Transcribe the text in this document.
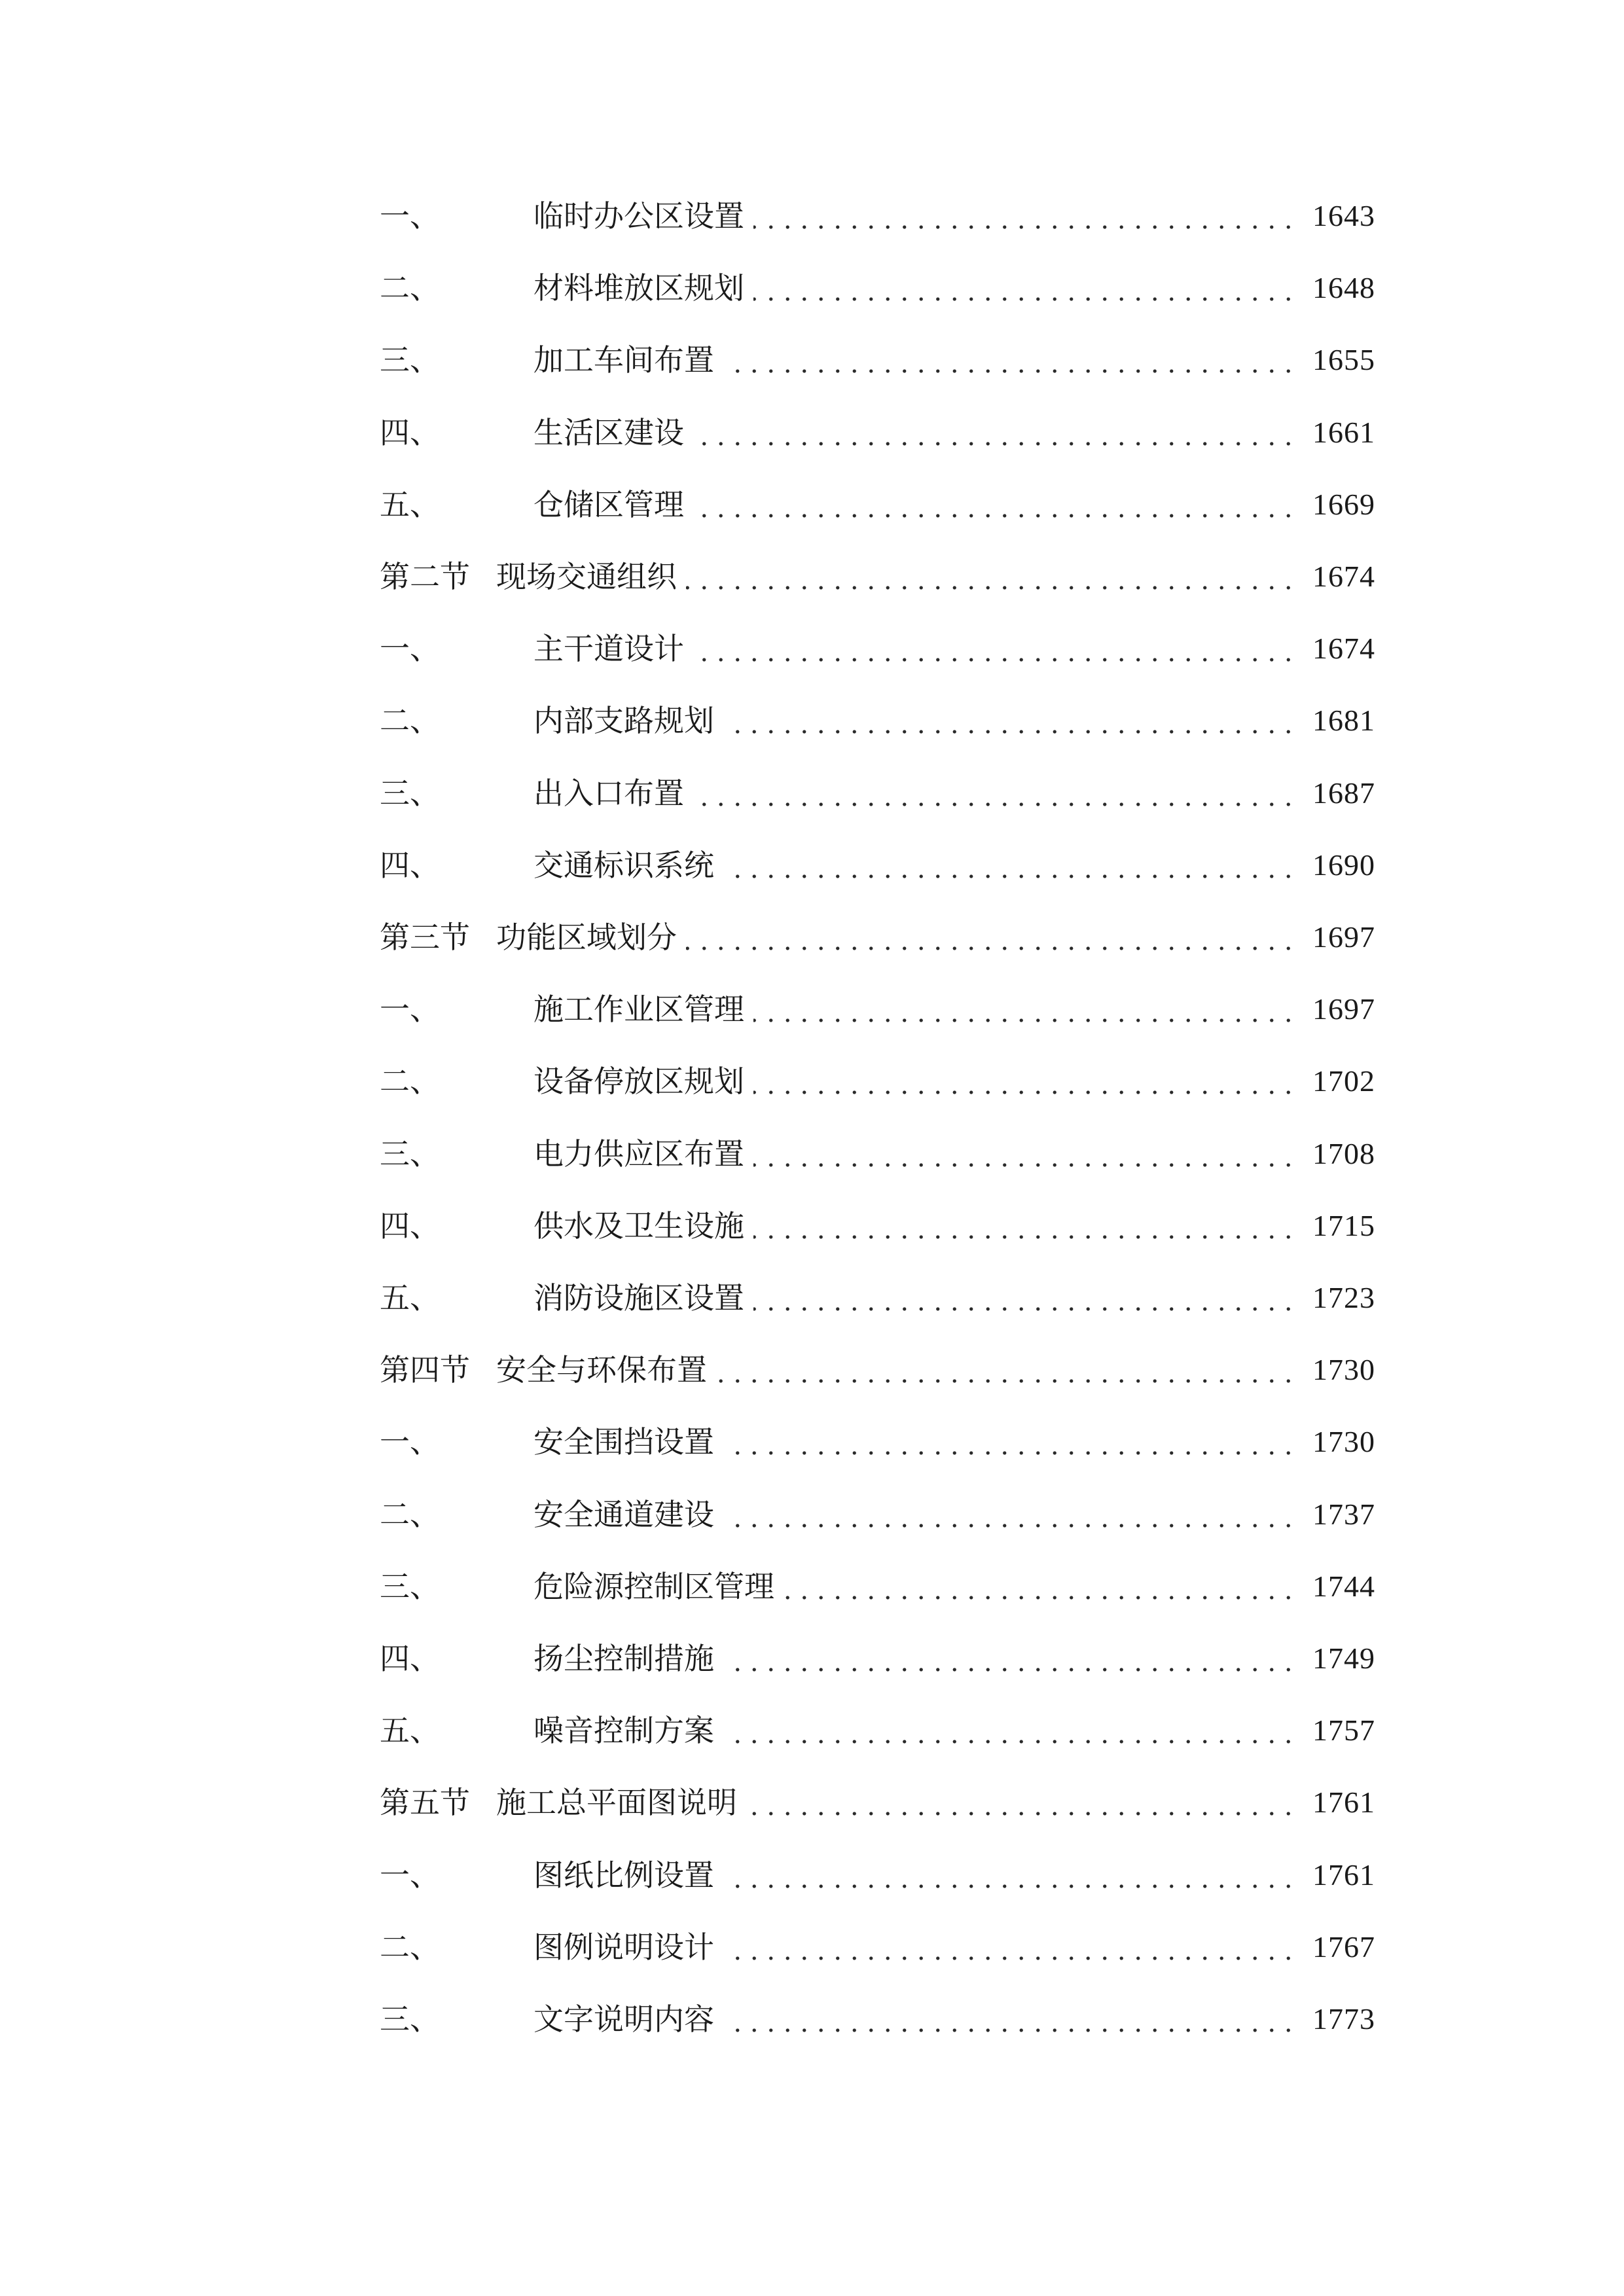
一、	临时办公区设置	1643
二、	材料堆放区规划	1648
三、	加工车间布置	1655
四、	生活区建设	1661
五、	仓储区管理	1669
第二节 现场交通组织	1674
一、	主干道设计	1674
二、	内部支路规划	1681
三、	出入口布置	1687
四、	交通标识系统	1690
第三节 功能区域划分	1697
一、	施工作业区管理	1697
二、	设备停放区规划	1702
三、	电力供应区布置	1708
四、	供水及卫生设施	1715
五、	消防设施区设置	1723
第四节 安全与环保布置	1730
一、	安全围挡设置	1730
二、	安全通道建设	1737
三、	危险源控制区管理	1744
四、	扬尘控制措施	1749
五、	噪音控制方案	1757
第五节 施工总平面图说明	1761
一、	图纸比例设置	1761
二、	图例说明设计	1767
三、	文字说明内容	1773
